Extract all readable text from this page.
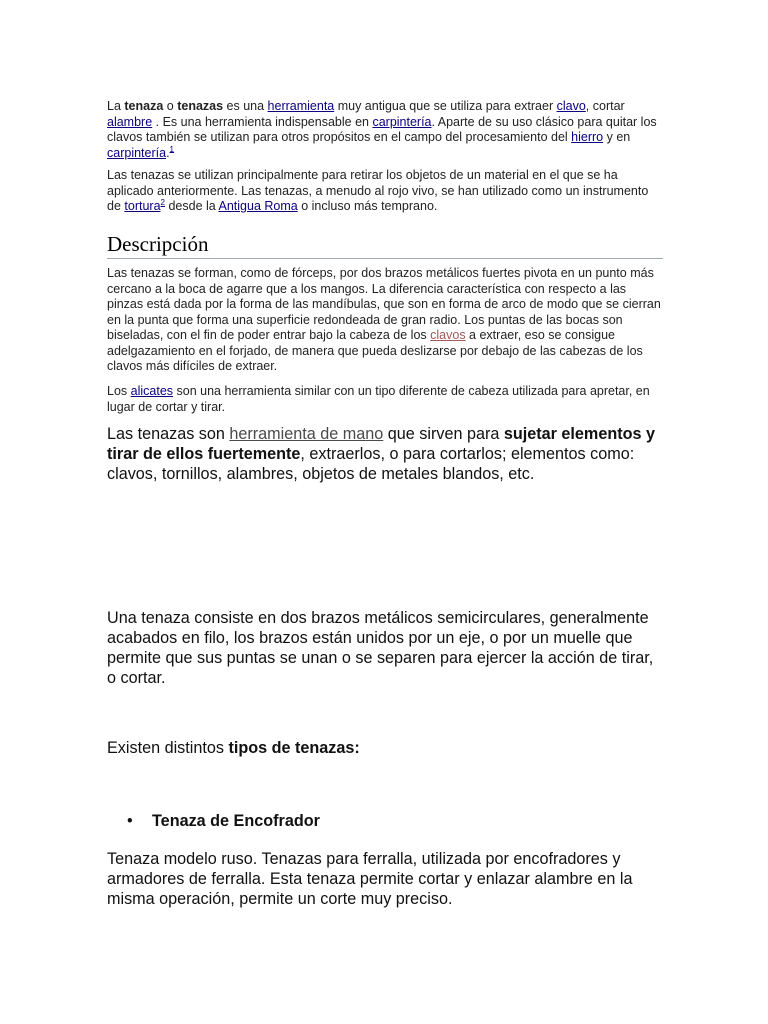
La tenaza o tenazas es una herramienta muy antigua que se utiliza para extraer clavo, cortar alambre . Es una herramienta indispensable en carpintería. Aparte de su uso clásico para quitar los clavos también se utilizan para otros propósitos en el campo del procesamiento del hierro y en carpintería.$^1$

Las tenazas se utilizan principalmente para retirar los objetos de un material en el que se ha aplicado anteriormente. Las tenazas, a menudo al rojo vivo, se han utilizado como un instrumento de tortura$^2$ desde la Antigua Roma o incluso más temprano.

Descripción

Las tenazas se forman, como de fórceps, por dos brazos metálicos fuertes pivota en un punto más cercano a la boca de agarre que a los mangos. La diferencia característica con respecto a las pinzas está dada por la forma de las mandíbulas, que son en forma de arco de modo que se cierran en la punta que forma una superficie redondeada de gran radio. Los puntas de las bocas son biseladas, con el fin de poder entrar bajo la cabeza de los clavos a extraer, eso se consigue adelgazamiento en el forjado, de manera que pueda deslizarse por debajo de las cabezas de los clavos más difíciles de extraer.

Los alicates son una herramienta similar con un tipo diferente de cabeza utilizada para apretar, en lugar de cortar y tirar.

Las tenazas son herramienta de mano que sirven para sujetar elementos y tirar de ellos fuertemente, extraerlos, o para cortarlos; elementos como: clavos, tornillos, alambres, objetos de metales blandos, etc.

Una tenaza consiste en dos brazos metálicos semicirculares, generalmente acabados en filo, los brazos están unidos por un eje, o por un muelle que permite que sus puntas se unan o se separen para ejercer la acción de tirar, o cortar.

Existen distintos tipos de tenazas:

• Tenaza de Encofrador

Tenaza modelo ruso. Tenazas para ferralla, utilizada por encofradores y armadores de ferralla. Esta tenaza permite cortar y enlazar alambre en la misma operación, permite un corte muy preciso.
